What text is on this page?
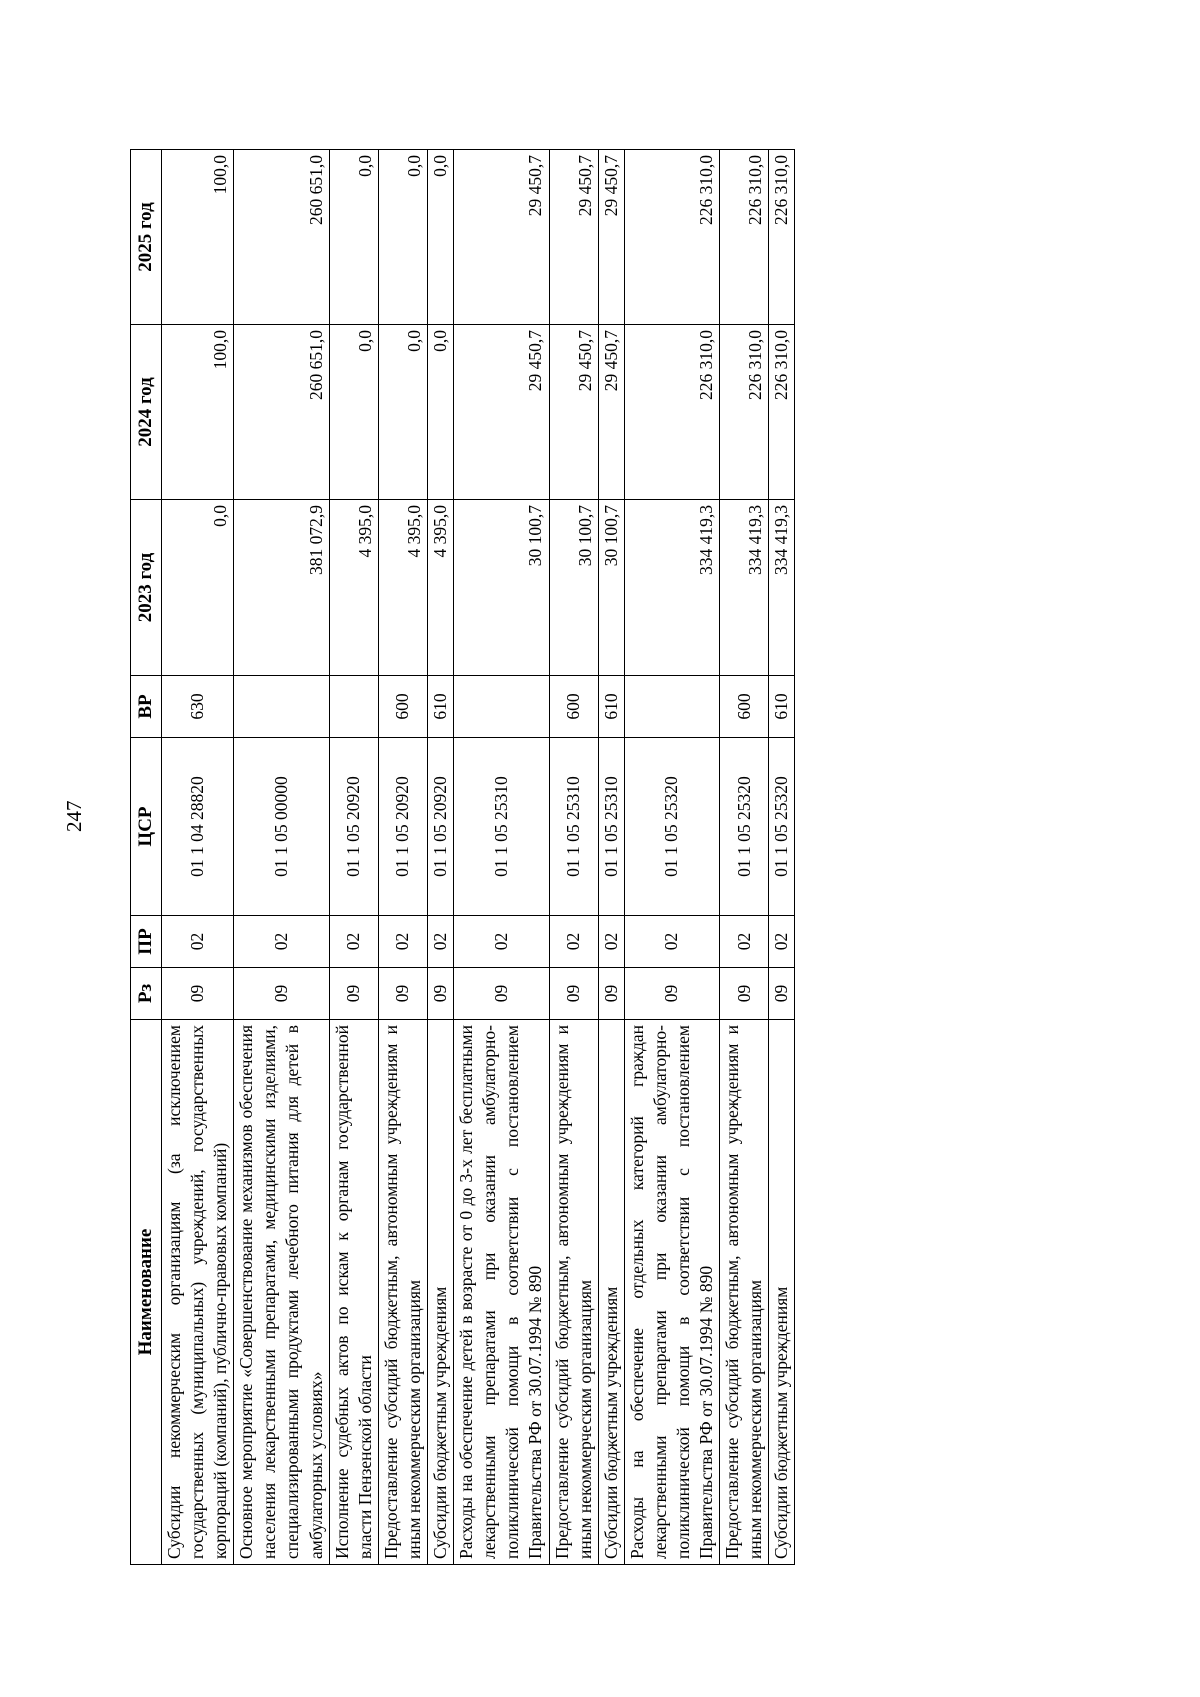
247
Наименование	Рз	ПР	ЦСР	ВР	2023 год	2024 год	2025 год
Субсидии некоммерческим организациям (за исключением государственных (муниципальных) учреждений, государственных корпораций (компаний), публично-правовых компаний)	09	02	01 1 04 28820	630	0,0	100,0	100,0
Основное мероприятие «Совершенствование механизмов обеспечения населения лекарственными препаратами, медицинскими изделиями, специализированными продуктами лечебного питания для детей в амбулаторных условиях»	09	02	01 1 05 00000		381 072,9	260 651,0	260 651,0
Исполнение судебных актов по искам к органам государственной власти Пензенской области	09	02	01 1 05 20920		4 395,0	0,0	0,0
Предоставление субсидий бюджетным, автономным учреждениям и иным некоммерческим организациям	09	02	01 1 05 20920	600	4 395,0	0,0	0,0
Субсидии бюджетным учреждениям	09	02	01 1 05 20920	610	4 395,0	0,0	0,0
Расходы на обеспечение детей в возрасте от 0 до 3-х лет бесплатными лекарственными препаратами при оказании амбулаторно-поликлинической помощи в соответствии с постановлением Правительства РФ от 30.07.1994 № 890	09	02	01 1 05 25310		30 100,7	29 450,7	29 450,7
Предоставление субсидий бюджетным, автономным учреждениям и иным некоммерческим организациям	09	02	01 1 05 25310	600	30 100,7	29 450,7	29 450,7
Субсидии бюджетным учреждениям	09	02	01 1 05 25310	610	30 100,7	29 450,7	29 450,7
Расходы на обеспечение отдельных категорий граждан лекарственными препаратами при оказании амбулаторно-поликлинической помощи в соответствии с постановлением Правительства РФ от 30.07.1994 № 890	09	02	01 1 05 25320		334 419,3	226 310,0	226 310,0
Предоставление субсидий бюджетным, автономным учреждениям и иным некоммерческим организациям	09	02	01 1 05 25320	600	334 419,3	226 310,0	226 310,0
Субсидии бюджетным учреждениям	09	02	01 1 05 25320	610	334 419,3	226 310,0	226 310,0
